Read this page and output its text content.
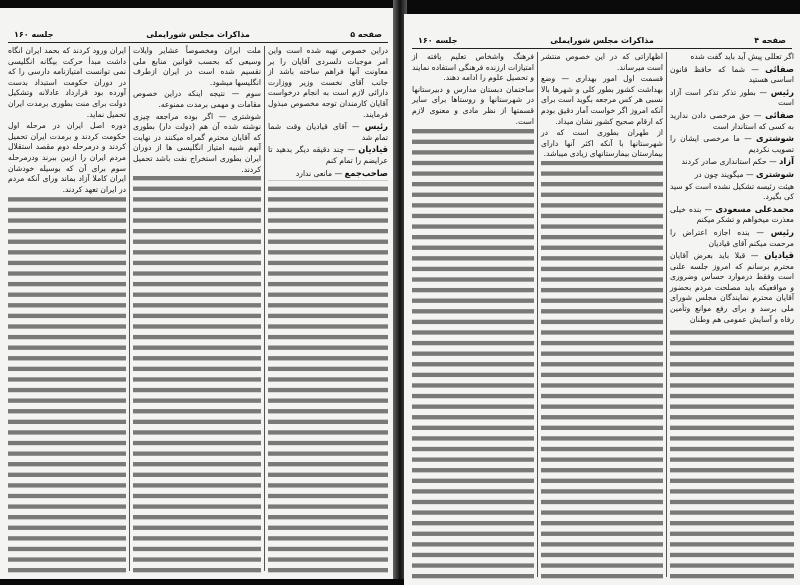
صفحه ۵
مذاکرات مجلس شورایملی
جلسه ۱۶۰

ایران ورود کردند که بحمد ایران انگاه داشت مبدأ حرکت بیگانه انگلیسی نمی توانست امتیازنامه دارسی را که در دوران حکومت استبداد بدست آورده بود قرارداد عادلانه وتشکیل دولت برای منت بطوری برمدت ایران تحمیل نماید.

دوره اصل ایران در مرحله اول حکومت کردند و برمدت ایران تحمیل کردند و درمرحله دوم مقصد استقلال مردم ایران را ازبین ببرند ودرمرحله سوم برای آن که بوسیله خودشان ایران کاملا آزاد بماند ورای آنکه مردم در ایران تعهد کردند.

ملت ایران ومخصوصاً عشایر وایلات وسیعی که بحسب قوانین منابع ملی تقسیم شده است در ایران ازطرف انگلیسها میشود.

سوم — نتیجه اینکه دراین خصوص مقامات و مهمی برمدت ممنوعه.

شوشتری — اگر بوده مراجعه چیزی نوشته شده آن هم (دولت دار) بطوری که آقایان محترم گمراه میکنند در نهایت آنهم شبیه امتیاز انگلیسی ها از دوران ایران بطوری استخراج نفت باشد تحمیل کردند.

دراین خصوص تهیه شده است واین امر موجبات دلسردی آقایان را بر معاونت آنها فراهم ساخته باشد از جانب آقای نخست وزیر ووزارت دارائی لازم است به انجام درخواست آقایان کارمندان توجه مخصوص مبذول فرمایند.

رئیس — آقای قیادیان وقت شما تمام شد

قیادیان — چند دقیقه دیگر بدهید تا عرایضم را تمام کنم

صاحب‌جمع — مانعی ندارد

صفحه ۴
مذاکرات مجلس شورایملی
جلسه ۱۶۰

فرهنگ واشخاص تعلیم یافته از امتیازات ارزنده فرهنگی استفاده نمایند و تحصیل علوم را ادامه دهند.

ساختمان دبستان مدارس و دبیرستانها در شهرستانها و روستاها برای سایر قسمتها از نظر مادی و معنوی لازم است.

اظهاراتی که در این خصوص منتشر است میرساند.

قسمت اول امور بهداری — وضع بهداشت کشور بطور کلی و شهرها بالا نسبی هر کس مرجعه بگوید است برای آنکه امروز اگر خواست آمار دقیق بودم که ارقام صحیح کشور نشان میداد.

از طهران بطوری است که در شهرستانها با آنکه اکثر آنها دارای بیمارستان بیمارستانهای زیادی میباشد.

اگر تعللی پیش آید باید گفت شده

صفائی — شما که حافظ قانون اساسی هستید

رئیس — بطور تذکر تذکر است آزاد است

صفائی — حق مرخصی دادن ندارید به کسی که استاندار است

شوشتری — ما مرخصی ایشان را تصویب نکردیم

آزاد — حکم استانداری صادر کردند

شوشتری — میگویند چون در

هیئت رئیسه تشکیل نشده است کو سید کی بگیرد.

محمدعلی مسعودی — بنده خیلی معذرت میخواهم و تشکر میکنم

رئیس — بنده اجازه اعتراض را مرحمت میکنم آقای قیادیان

قیادیان — قبلا باید بعرض آقایان محترم برسانم که امروز جلسه علنی است وفقط درموارد حساس وضروری و مواقعیکه باید مصلحت مردم بحضور آقایان محترم نمایندگان مجلس شورای ملی برسد و برای رفع موانع وتأمین رفاه و آسایش عمومی هم وطنان
